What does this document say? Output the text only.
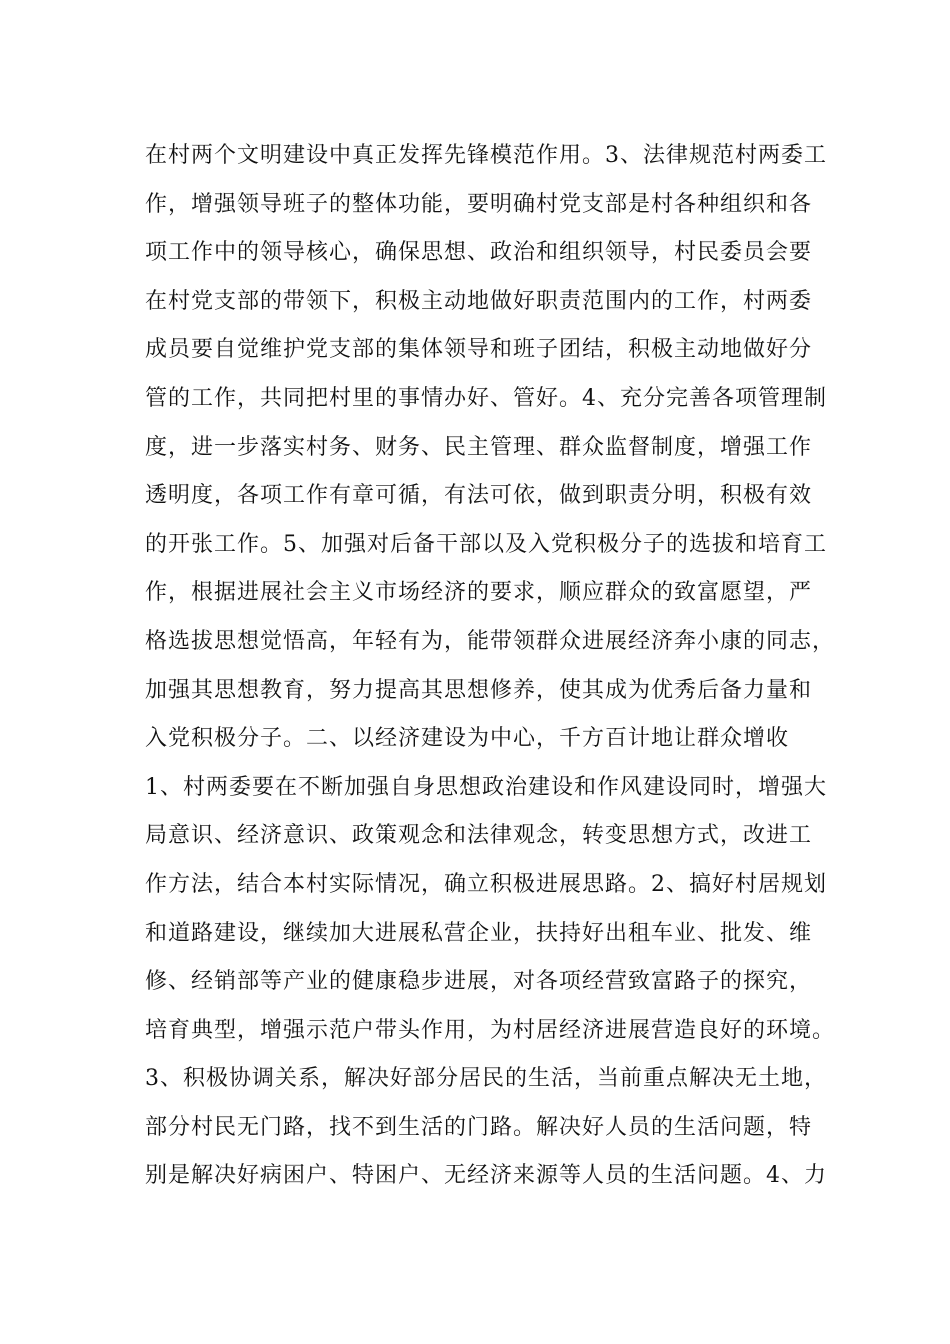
在村两个文明建设中真正发挥先锋模范作用。3、法律规范村两委工
作，增强领导班子的整体功能，要明确村党支部是村各种组织和各
项工作中的领导核心，确保思想、政治和组织领导，村民委员会要
在村党支部的带领下，积极主动地做好职责范围内的工作，村两委
成员要自觉维护党支部的集体领导和班子团结，积极主动地做好分
管的工作，共同把村里的事情办好、管好。4、充分完善各项管理制
度，进一步落实村务、财务、民主管理、群众监督制度，增强工作
透明度，各项工作有章可循，有法可依，做到职责分明，积极有效
的开张工作。5、加强对后备干部以及入党积极分子的选拔和培育工
作，根据进展社会主义市场经济的要求，顺应群众的致富愿望，严
格选拔思想觉悟高，年轻有为，能带领群众进展经济奔小康的同志，
加强其思想教育，努力提高其思想修养，使其成为优秀后备力量和
入党积极分子。二、以经济建设为中心，千方百计地让群众增收
1、村两委要在不断加强自身思想政治建设和作风建设同时，增强大
局意识、经济意识、政策观念和法律观念，转变思想方式，改进工
作方法，结合本村实际情况，确立积极进展思路。2、搞好村居规划
和道路建设，继续加大进展私营企业，扶持好出租车业、批发、维
修、经销部等产业的健康稳步进展，对各项经营致富路子的探究，
培育典型，增强示范户带头作用，为村居经济进展营造良好的环境。
3、积极协调关系，解决好部分居民的生活，当前重点解决无土地，
部分村民无门路，找不到生活的门路。解决好人员的生活问题，特
别是解决好病困户、特困户、无经济来源等人员的生活问题。4、力
